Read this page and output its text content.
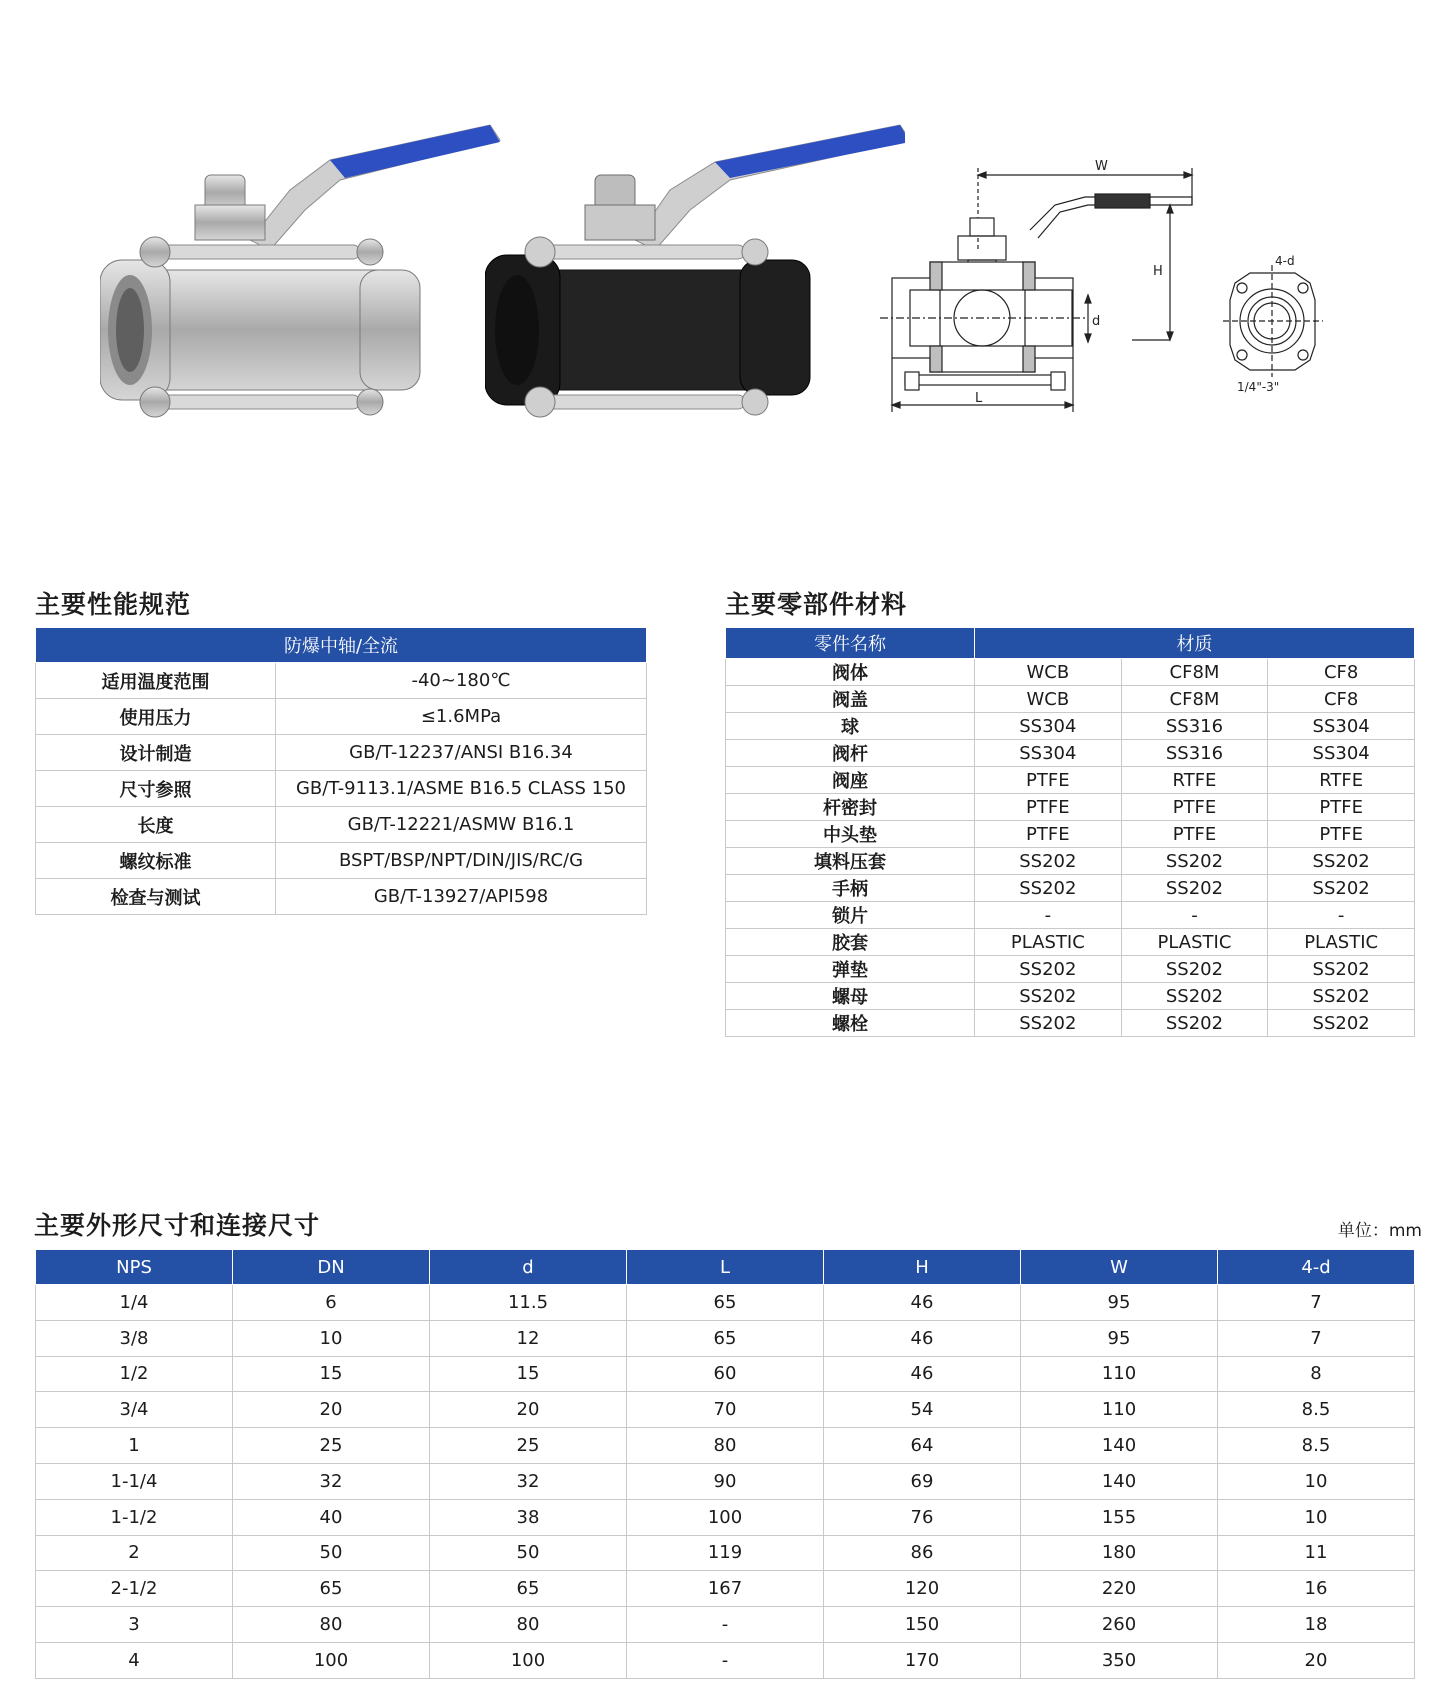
W
H
d
L
4-d
1/4"-3"
主要性能规范	主要零部件材料
主要外形尺寸和连接尺寸	单位：mm
防爆中轴/全流	
适用温度范围	-40~180℃
使用压力	≤1.6MPa
设计制造	GB/T-12237/ANSI B16.34
尺寸参照	GB/T-9113.1/ASME B16.5 CLASS 150
长度	GB/T-12221/ASMW B16.1
螺纹标准	BSPT/BSP/NPT/DIN/JIS/RC/G
检查与测试	GB/T-13927/API598
零件名称	材质		
阀体	WCB	CF8M	CF8
阀盖	WCB	CF8M	CF8
球	SS304	SS316	SS304
阀杆	SS304	SS316	SS304
阀座	PTFE	RTFE	RTFE
杆密封	PTFE	PTFE	PTFE
中头垫	PTFE	PTFE	PTFE
填料压套	SS202	SS202	SS202
手柄	SS202	SS202	SS202
锁片	-	-	-
胶套	PLASTIC	PLASTIC	PLASTIC
弹垫	SS202	SS202	SS202
螺母	SS202	SS202	SS202
螺栓	SS202	SS202	SS202
NPS	DN	d	L	H	W	4-d
1/4	6	11.5	65	46	95	7
3/8	10	12	65	46	95	7
1/2	15	15	60	46	110	8
3/4	20	20	70	54	110	8.5
1	25	25	80	64	140	8.5
1-1/4	32	32	90	69	140	10
1-1/2	40	38	100	76	155	10
2	50	50	119	86	180	11
2-1/2	65	65	167	120	220	16
3	80	80	-	150	260	18
4	100	100	-	170	350	20
